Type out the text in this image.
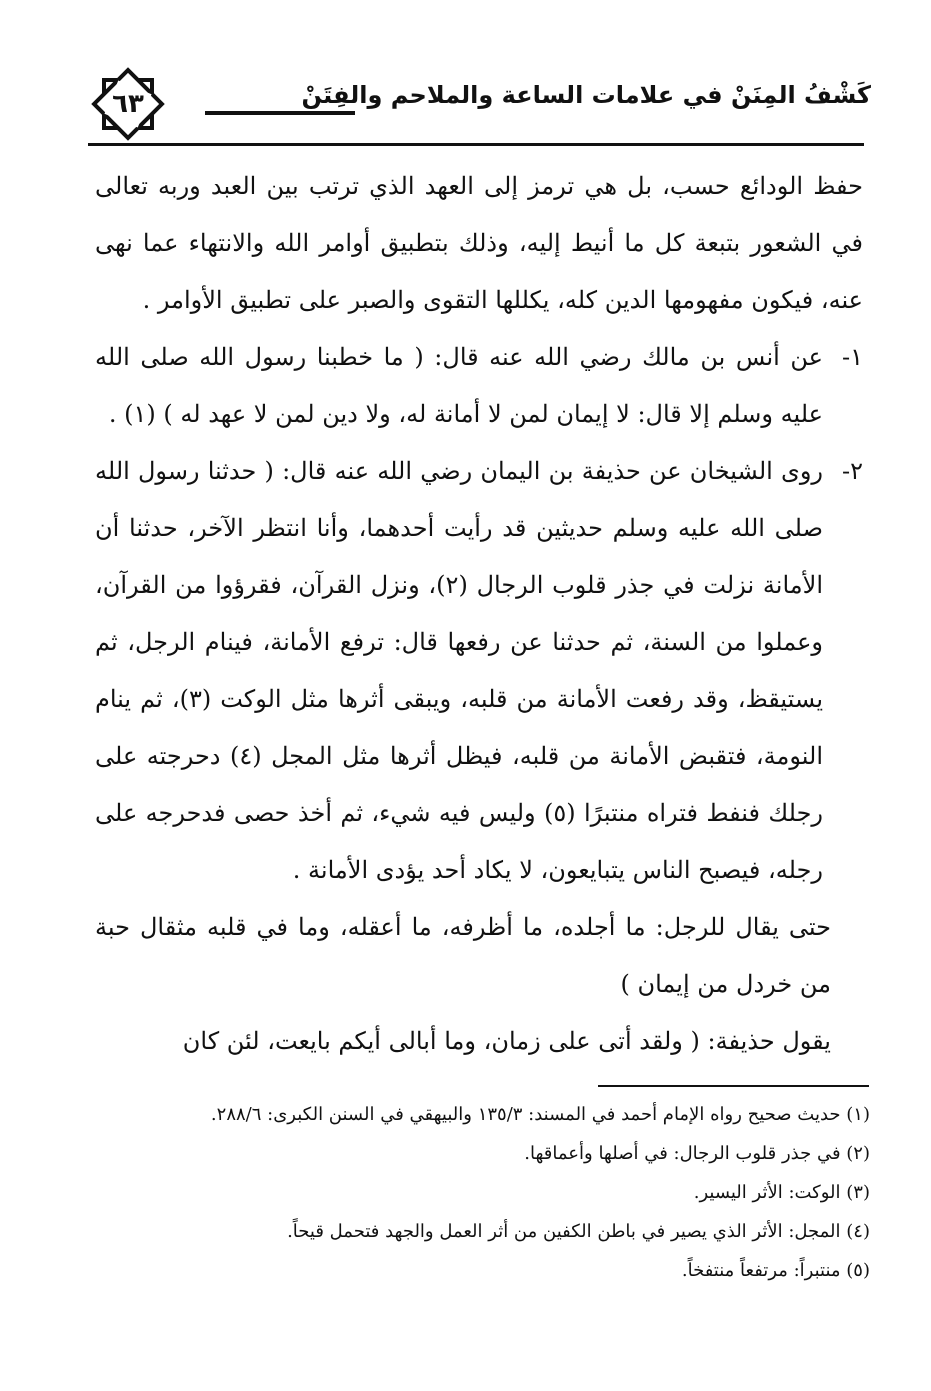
كَشْفُ المِنَنْ في علامات الساعة والملاحم والفِتَنْ
٦٣

حفظ الودائع حسب، بل هي ترمز إلى العهد الذي ترتب بين العبد وربه تعالى في الشعور بتبعة كل ما أنيط إليه، وذلك بتطبيق أوامر الله والانتهاء عما نهى عنه، فيكون مفهومها الدين كله، يكللها التقوى والصبر على تطبيق الأوامر .

١-
عن أنس بن مالك رضي الله عنه قال: ( ما خطبنا رسول الله صلى الله عليه وسلم إلا قال: لا إيمان لمن لا أمانة له، ولا دين لمن لا عهد له ) (١) .
٢-
روى الشيخان عن حذيفة بن اليمان رضي الله عنه قال: ( حدثنا رسول الله صلى الله عليه وسلم حديثين قد رأيت أحدهما، وأنا انتظر الآخر، حدثنا أن الأمانة نزلت في جذر قلوب الرجال (٢)، ونزل القرآن، فقرؤوا من القرآن، وعملوا من السنة، ثم حدثنا عن رفعها قال: ترفع الأمانة، فينام الرجل، ثم يستيقظ، وقد رفعت الأمانة من قلبه، ويبقى أثرها مثل الوكت (٣)، ثم ينام النومة، فتقبض الأمانة من قلبه، فيظل أثرها مثل المجل (٤) دحرجته على رجلك فنفط فتراه منتبرًا (٥) وليس فيه شيء، ثم أخذ حصى فدحرجه على رجله، فيصبح الناس يتبايعون، لا يكاد أحد يؤدى الأمانة .

حتى يقال للرجل: ما أجلده، ما أظرفه، ما أعقله، وما في قلبه مثقال حبة من خردل من إيمان )

يقول حذيفة: ( ولقد أتى على زمان، وما أبالى أيكم بايعت، لئن كان

(١) حديث صحيح رواه الإمام أحمد في المسند: ١٣٥/٣ والبيهقي في السنن الكبرى: ٢٨٨/٦.
(٢) في جذر قلوب الرجال: في أصلها وأعماقها.
(٣) الوكت: الأثر اليسير.
(٤) المجل: الأثر الذي يصير في باطن الكفين من أثر العمل والجهد فتحمل قيحاً.
(٥) منتبراً: مرتفعاً منتفخاً.
